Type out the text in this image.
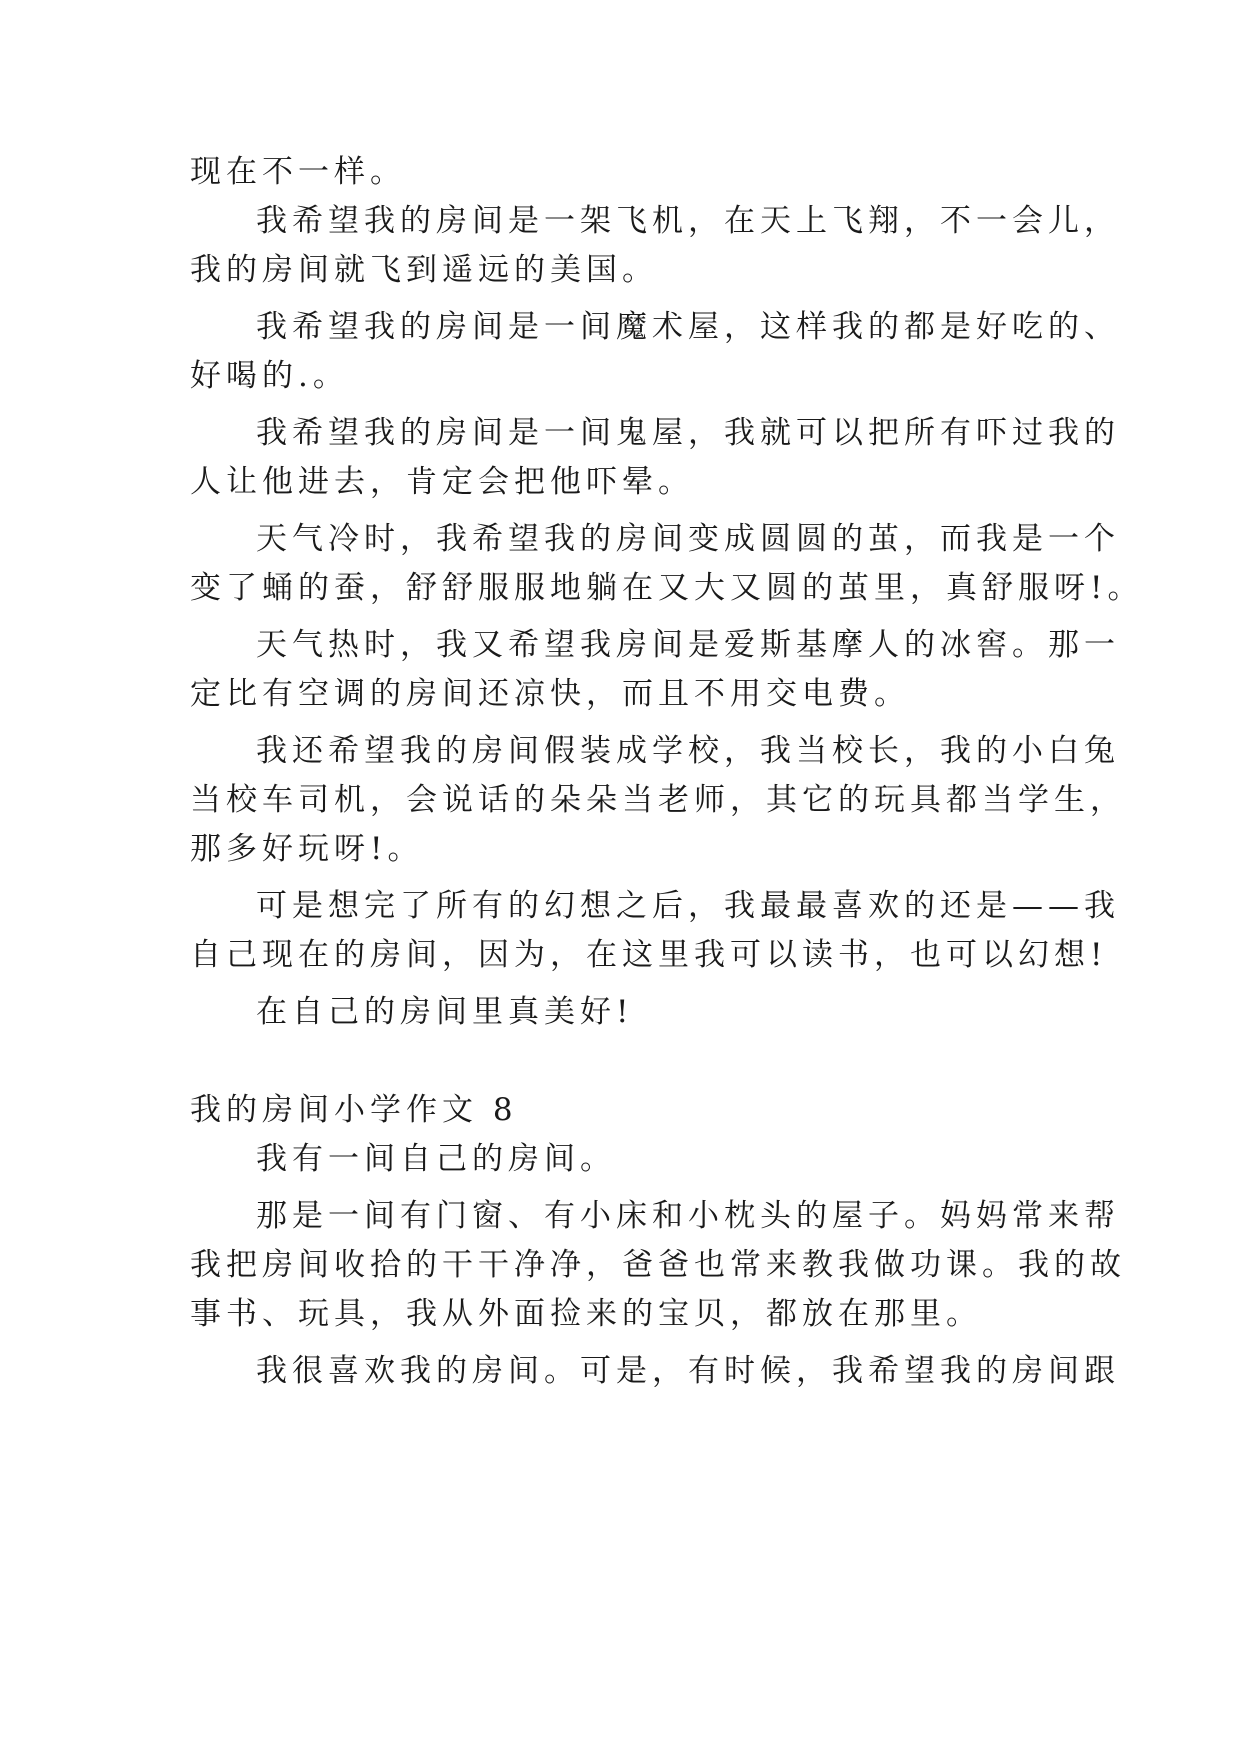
现在不一样。
我希望我的房间是一架飞机，在天上飞翔，不一会儿，
我的房间就飞到遥远的美国。
我希望我的房间是一间魔术屋，这样我的都是好吃的、
好喝的.。
我希望我的房间是一间鬼屋，我就可以把所有吓过我的
人让他进去，肯定会把他吓晕。
天气冷时，我希望我的房间变成圆圆的茧，而我是一个
变了蛹的蚕，舒舒服服地躺在又大又圆的茧里，真舒服呀!。
天气热时，我又希望我房间是爱斯基摩人的冰窖。那一
定比有空调的房间还凉快，而且不用交电费。
我还希望我的房间假装成学校，我当校长，我的小白兔
当校车司机，会说话的朵朵当老师，其它的玩具都当学生，
那多好玩呀!。
可是想完了所有的幻想之后，我最最喜欢的还是——我
自己现在的房间，因为，在这里我可以读书，也可以幻想!
在自己的房间里真美好!
我的房间小学作文 8
我有一间自己的房间。
那是一间有门窗、有小床和小枕头的屋子。妈妈常来帮
我把房间收拾的干干净净，爸爸也常来教我做功课。我的故
事书、玩具，我从外面捡来的宝贝，都放在那里。
我很喜欢我的房间。可是，有时候，我希望我的房间跟
